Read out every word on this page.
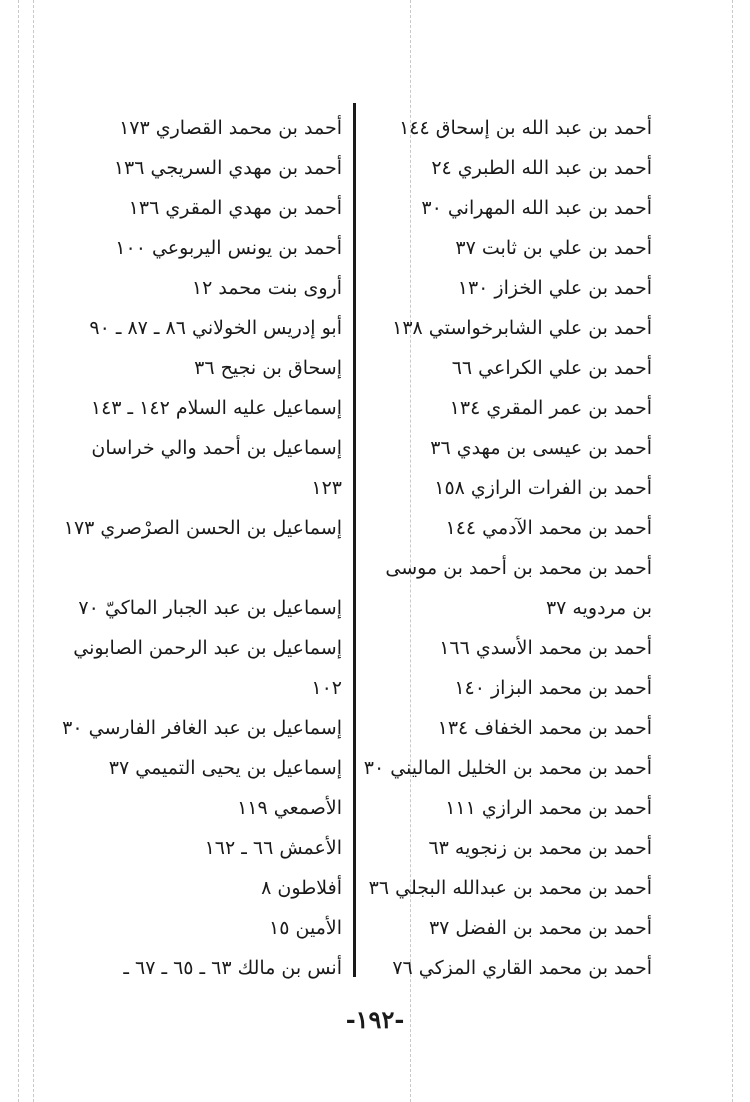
أحمد بن عبد الله بن إسحاق ١٤٤
أحمد بن عبد الله الطبري ٢٤
أحمد بن عبد الله المهراني ٣٠
أحمد بن علي بن ثابت ٣٧
أحمد بن علي الخزاز ١٣٠
أحمد بن علي الشابرخواستي ١٣٨
أحمد بن علي الكراعي ٦٦
أحمد بن عمر المقري ١٣٤
أحمد بن عيسى بن مهدي ٣٦
أحمد بن الفرات الرازي ١٥٨
أحمد بن محمد الآدمي ١٤٤
أحمد بن محمد بن أحمد بن موسى بن مردويه ٣٧
أحمد بن محمد الأسدي ١٦٦
أحمد بن محمد البزاز ١٤٠
أحمد بن محمد الخفاف ١٣٤
أحمد بن محمد بن الخليل الماليني ٣٠
أحمد بن محمد الرازي ١١١
أحمد بن محمد بن زنجويه ٦٣
أحمد بن محمد بن عبدالله البجلي ٣٦
أحمد بن محمد بن الفضل ٣٧
أحمد بن محمد القاري المزكي ٧٦
أحمد بن محمد القصاري ١٧٣
أحمد بن مهدي السريجي ١٣٦
أحمد بن مهدي المقري ١٣٦
أحمد بن يونس اليربوعي ١٠٠
أروى بنت محمد ١٢
أبو إدريس الخولاني ٨٦ ـ ٨٧ ـ ٩٠
إسحاق بن نجيح ٣٦
إسماعيل عليه السلام ١٤٢ ـ ١٤٣
إسماعيل بن أحمد والي خراسان ١٢٣
إسماعيل بن الحسن الصرْصري ١٧٣
إسماعيل بن عبد الجبار الماكيّ ٧٠
إسماعيل بن عبد الرحمن الصابوني ١٠٢
إسماعيل بن عبد الغافر الفارسي ٣٠
إسماعيل بن يحيى التميمي ٣٧
الأصمعي ١١٩
الأعمش ٦٦ ـ ١٦٢
أفلاطون ٨
الأمين ١٥
أنس بن مالك ٦٣ ـ ٦٥ ـ ٦٧ ـ
-١٩٢-
